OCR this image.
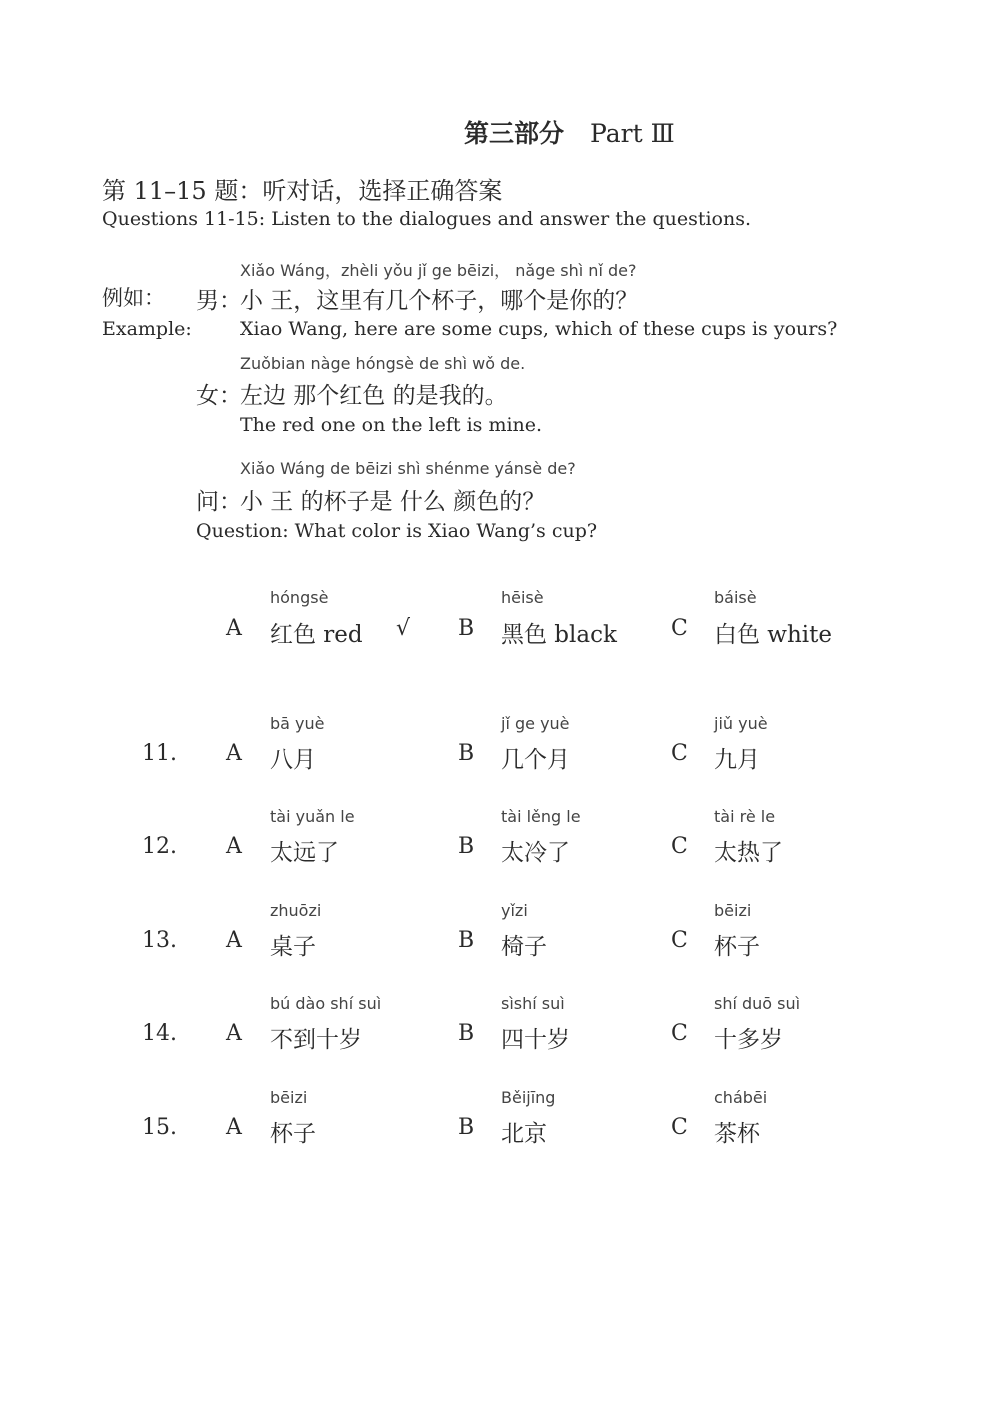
第三部分 Part Ⅲ
第 11–15 题：听对话，选择正确答案
Questions 11-15: Listen to the dialogues and answer the questions.
Xiǎo Wáng，zhèli yǒu jǐ ge bēizi， nǎge shì nǐ de?
例如： 男：
小 王，这里有几个杯子，哪个是你的？
Example:	Xiao Wang, here are some cups, which of these cups is yours?
Zuǒbian nàge hóngsè de shì wǒ de.
女：
左边 那个红色 的是我的。
The red one on the left is mine.
Xiǎo Wáng de bēizi shì shénme yánsè de?
问：
小 王 的杯子是 什么 颜色的？
Question: What color is Xiao Wang’s cup?
hóngsè
A 红色 red √
hēisè
B 黑色 black
báisè
C 白色 white
11.
bā yuè
A 八月
jǐ ge yuè
B 几个月
jiǔ yuè
C 九月
12.
tài yuǎn le
A 太远了
tài lěng le
B 太冷了
tài rè le
C 太热了
13.
zhuōzi
A 桌子
yǐzi
B 椅子
bēizi
C 杯子
14.
bú dào shí suì
A 不到十岁
sìshí suì
B 四十岁
shí duō suì
C 十多岁
15.
bēizi
A 杯子
Běijīng
B 北京
chábēi
C 茶杯
